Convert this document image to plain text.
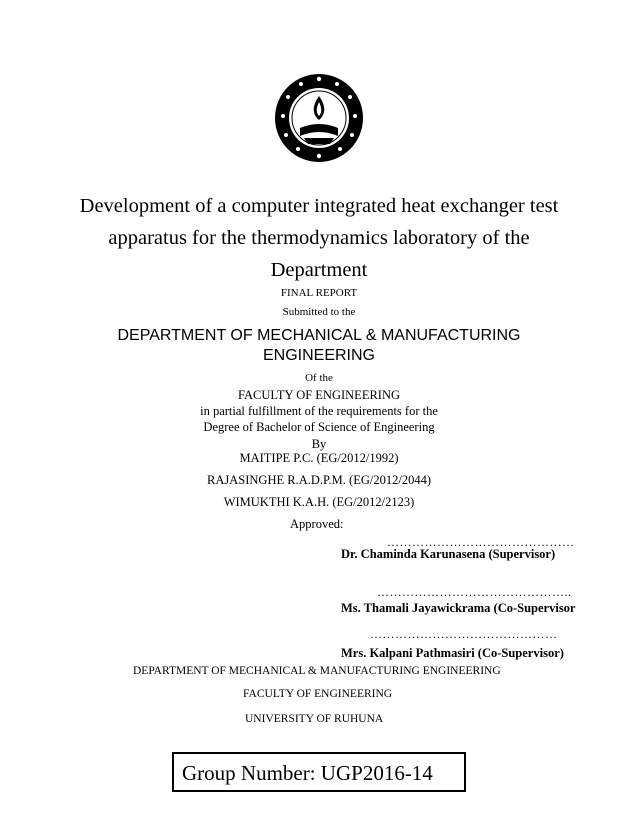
Development of a computer integrated heat exchanger test apparatus for the thermodynamics laboratory of the Department
FINAL REPORT
Submitted to the
DEPARTMENT OF MECHANICAL & MANUFACTURING
ENGINEERING
Of the
FACULTY OF ENGINEERING
in partial fulfillment of the requirements for the
Degree of Bachelor of Science of Engineering
By
MAITIPE P.C. (EG/2012/1992)
RAJASINGHE R.A.D.P.M. (EG/2012/2044)
WIMUKTHI K.A.H. (EG/2012/2123)
Approved:
………………………………………
Dr. Chaminda Karunasena (Supervisor)
………………………………………..
Ms. Thamali Jayawickrama (Co-Supervisor
………………………………………
Mrs. Kalpani Pathmasiri (Co-Supervisor)
DEPARTMENT OF MECHANICAL & MANUFACTURING ENGINEERING
FACULTY OF ENGINEERING
UNIVERSITY OF RUHUNA
Group Number: UGP2016-14
